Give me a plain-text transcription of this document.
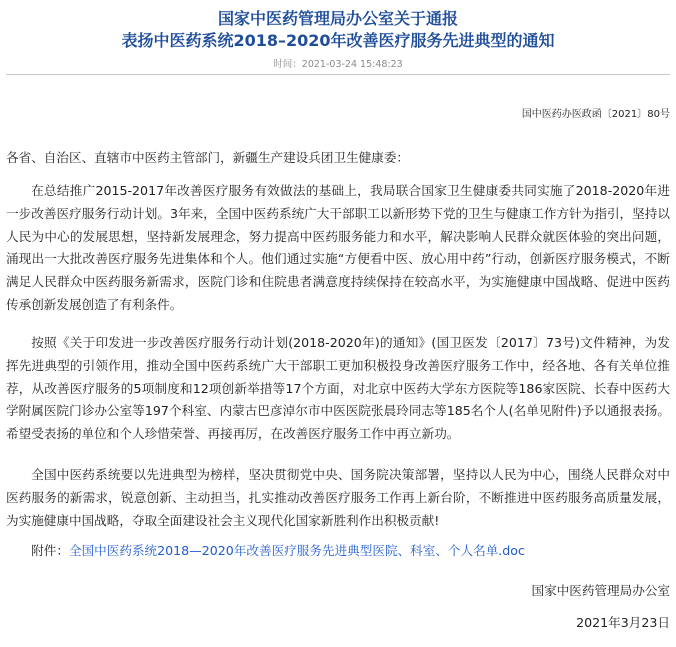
国家中医药管理局办公室关于通报
表扬中医药系统2018–2020年改善医疗服务先进典型的通知
时间：2021-03-24 15:48:23
国中医药办医政函〔2021〕80号
各省、自治区、直辖市中医药主管部门，新疆生产建设兵团卫生健康委：
在总结推广2015-2017年改善医疗服务有效做法的基础上，我局联合国家卫生健康委共同实施了2018-2020年进一步改善医疗服务行动计划。3年来，全国中医药系统广大干部职工以新形势下党的卫生与健康工作方针为指引，坚持以人民为中心的发展思想，坚持新发展理念，努力提高中医药服务能力和水平，解决影响人民群众就医体验的突出问题，涌现出一大批改善医疗服务先进集体和个人。他们通过实施“方便看中医、放心用中药”行动，创新医疗服务模式，不断满足人民群众中医药服务新需求，医院门诊和住院患者满意度持续保持在较高水平，为实施健康中国战略、促进中医药传承创新发展创造了有利条件。
按照《关于印发进一步改善医疗服务行动计划(2018-2020年)的通知》(国卫医发〔2017〕73号)文件精神，为发挥先进典型的引领作用，推动全国中医药系统广大干部职工更加积极投身改善医疗服务工作中，经各地、各有关单位推荐，从改善医疗服务的5项制度和12项创新举措等17个方面，对北京中医药大学东方医院等186家医院、长春中医药大学附属医院门诊办公室等197个科室、内蒙古巴彦淖尔市中医医院张晨玲同志等185名个人(名单见附件)予以通报表扬。希望受表扬的单位和个人珍惜荣誉、再接再厉，在改善医疗服务工作中再立新功。
全国中医药系统要以先进典型为榜样，坚决贯彻党中央、国务院决策部署，坚持以人民为中心，围绕人民群众对中医药服务的新需求，锐意创新、主动担当，扎实推动改善医疗服务工作再上新台阶，不断推进中医药服务高质量发展，为实施健康中国战略，夺取全面建设社会主义现代化国家新胜利作出积极贡献!
附件：全国中医药系统2018—2020年改善医疗服务先进典型医院、科室、个人名单.doc
国家中医药管理局办公室
2021年3月23日
